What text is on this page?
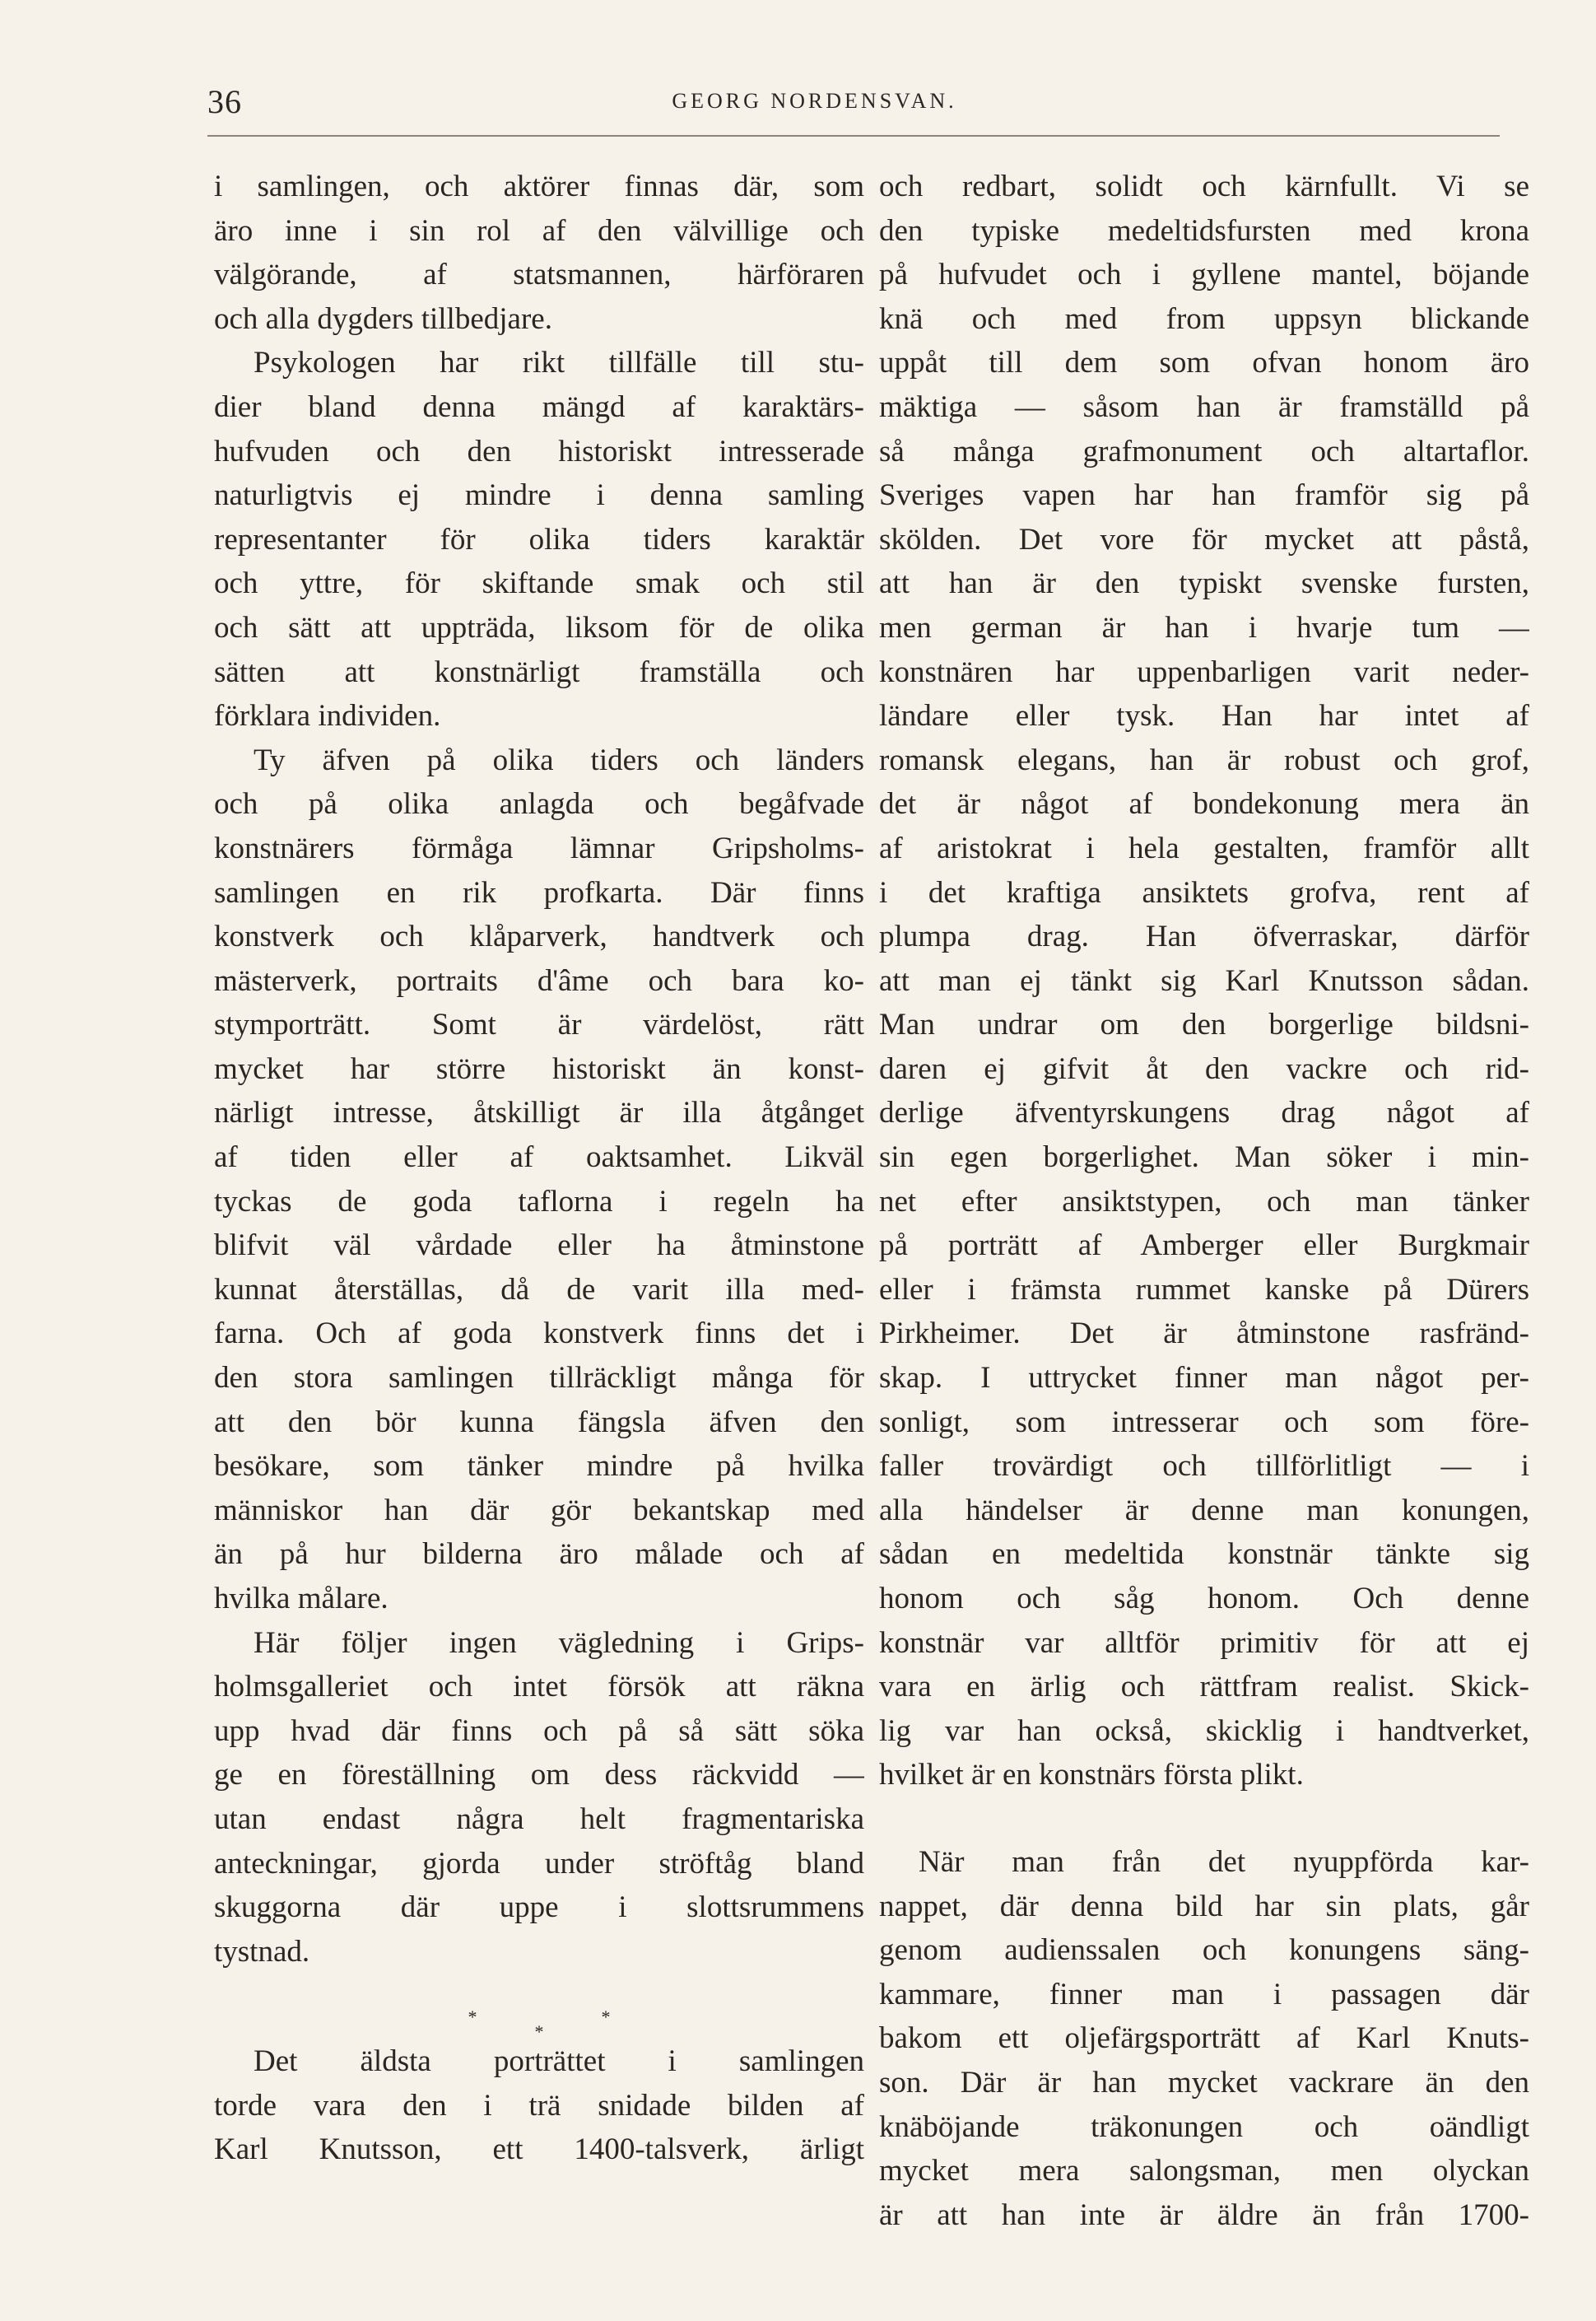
36	GEORG NORDENSVAN.
i samlingen, och aktörer finnas där, som
äro inne i sin rol af den välvillige och
välgörande, af statsmannen, härföraren
och alla dygders tillbedjare.
Psykologen har rikt tillfälle till stu-
dier bland denna mängd af karaktärs-
hufvuden och den historiskt intresserade
naturligtvis ej mindre i denna samling
representanter för olika tiders karaktär
och yttre, för skiftande smak och stil
och sätt att uppträda, liksom för de olika
sätten att konstnärligt framställa och
förklara individen.
Ty äfven på olika tiders och länders
och på olika anlagda och begåfvade
konstnärers förmåga lämnar Gripsholms-
samlingen en rik profkarta. Där finns
konstverk och klåparverk, handtverk och
mästerverk, portraits d'âme och bara ko-
stymporträtt. Somt är värdelöst, rätt
mycket har större historiskt än konst-
närligt intresse, åtskilligt är illa åtgånget
af tiden eller af oaktsamhet. Likväl
tyckas de goda taflorna i regeln ha
blifvit väl vårdade eller ha åtminstone
kunnat återställas, då de varit illa med-
farna. Och af goda konstverk finns det i
den stora samlingen tillräckligt många för
att den bör kunna fängsla äfven den
besökare, som tänker mindre på hvilka
människor han där gör bekantskap med
än på hur bilderna äro målade och af
hvilka målare.
Här följer ingen vägledning i Grips-
holmsgalleriet och intet försök att räkna
upp hvad där finns och på så sätt söka
ge en föreställning om dess räckvidd —
utan endast några helt fragmentariska
anteckningar, gjorda under ströftåg bland
skuggorna där uppe i slottsrummens
tystnad.
***
Det äldsta porträttet i samlingen
torde vara den i trä snidade bilden af
Karl Knutsson, ett 1400-talsverk, ärligt
och redbart, solidt och kärnfullt. Vi se
den typiske medeltidsfursten med krona
på hufvudet och i gyllene mantel, böjande
knä och med from uppsyn blickande
uppåt till dem som ofvan honom äro
mäktiga — såsom han är framställd på
så många grafmonument och altartaflor.
Sveriges vapen har han framför sig på
skölden. Det vore för mycket att påstå,
att han är den typiskt svenske fursten,
men german är han i hvarje tum —
konstnären har uppenbarligen varit neder-
ländare eller tysk. Han har intet af
romansk elegans, han är robust och grof,
det är något af bondekonung mera än
af aristokrat i hela gestalten, framför allt
i det kraftiga ansiktets grofva, rent af
plumpa drag. Han öfverraskar, därför
att man ej tänkt sig Karl Knutsson sådan.
Man undrar om den borgerlige bildsni-
daren ej gifvit åt den vackre och rid-
derlige äfventyrskungens drag något af
sin egen borgerlighet. Man söker i min-
net efter ansiktstypen, och man tänker
på porträtt af Amberger eller Burgkmair
eller i främsta rummet kanske på Dürers
Pirkheimer. Det är åtminstone rasfränd-
skap. I uttrycket finner man något per-
sonligt, som intresserar och som före-
faller trovärdigt och tillförlitligt — i
alla händelser är denne man konungen,
sådan en medeltida konstnär tänkte sig
honom och såg honom. Och denne
konstnär var alltför primitiv för att ej
vara en ärlig och rättfram realist. Skick-
lig var han också, skicklig i handtverket,
hvilket är en konstnärs första plikt.
När man från det nyuppförda kar-
nappet, där denna bild har sin plats, går
genom audienssalen och konungens säng-
kammare, finner man i passagen där
bakom ett oljefärgsporträtt af Karl Knuts-
son. Där är han mycket vackrare än den
knäböjande träkonungen och oändligt
mycket mera salongsman, men olyckan
är att han inte är äldre än från 1700-
